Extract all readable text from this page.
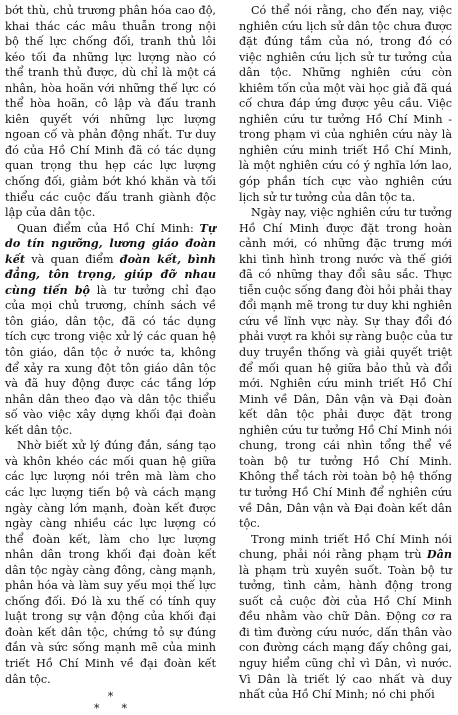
bớt thù, chủ trương phân hóa cao độ, khai thác các mâu thuẫn trong nội bộ thế lực chống đối, tranh thủ lôi kéo tối đa những lực lượng nào có thể tranh thủ được, dù chỉ là một cá nhân, hòa hoãn với những thế lực có thể hòa hoãn, cô lập và đấu tranh kiên quyết với những lực lượng ngoan cố và phản động nhất. Tư duy đó của Hồ Chí Minh đã có tác dụng quan trọng thu hẹp các lực lượng chống đối, giảm bớt khó khăn và tối thiểu các cuộc đấu tranh giành độc lập của dân tộc.

Quan điểm của Hồ Chí Minh: Tự do tín ngưỡng, lương giáo đoàn kết và quan điểm đoàn kết, bình đẳng, tôn trọng, giúp đỡ nhau cùng tiến bộ là tư tưởng chỉ đạo của mọi chủ trương, chính sách về tôn giáo, dân tộc, đã có tác dụng tích cực trong việc xử lý các quan hệ tôn giáo, dân tộc ở nước ta, không để xảy ra xung đột tôn giáo dân tộc và đã huy động được các tầng lớp nhân dân theo đạo và dân tộc thiểu số vào việc xây dựng khối đại đoàn kết dân tộc.

Nhờ biết xử lý đúng đắn, sáng tạo và khôn khéo các mối quan hệ giữa các lực lượng nói trên mà làm cho các lực lượng tiến bộ và cách mạng ngày càng lớn mạnh, đoàn kết được ngày càng nhiều các lực lượng có thể đoàn kết, làm cho lực lượng nhân dân trong khối đại đoàn kết dân tộc ngày càng đông, càng mạnh, phân hóa và làm suy yếu mọi thế lực chống đối. Đó là xu thế có tính quy luật trong sự vận động của khối đại đoàn kết dân tộc, chứng tỏ sự đúng đắn và sức sống mạnh mẽ của minh triết Hồ Chí Minh về đại đoàn kết dân tộc.

*
* *

Có thể nói rằng, cho đến nay, việc nghiên cứu lịch sử dân tộc chưa được đặt đúng tầm của nó, trong đó có việc nghiên cứu lịch sử tư tưởng của dân tộc. Những nghiên cứu còn khiêm tốn của một vài học giả đã quá cố chưa đáp ứng được yêu cầu. Việc nghiên cứu tư tưởng Hồ Chí Minh - trong phạm vi của nghiên cứu này là nghiên cứu minh triết Hồ Chí Minh, là một nghiên cứu có ý nghĩa lớn lao, góp phần tích cực vào nghiên cứu lịch sử tư tưởng của dân tộc ta.

Ngày nay, việc nghiên cứu tư tưởng Hồ Chí Minh được đặt trong hoàn cảnh mới, có những đặc trưng mới khi tình hình trong nước và thế giới đã có những thay đổi sâu sắc. Thực tiễn cuộc sống đang đòi hỏi phải thay đổi mạnh mẽ trong tư duy khi nghiên cứu về lĩnh vực này. Sự thay đổi đó phải vượt ra khỏi sự ràng buộc của tư duy truyền thống và giải quyết triệt để mối quan hệ giữa bảo thủ và đổi mới. Nghiên cứu minh triết Hồ Chí Minh về Dân, Dân vận và Đại đoàn kết dân tộc phải được đặt trong nghiên cứu tư tưởng Hồ Chí Minh nói chung, trong cái nhìn tổng thể về toàn bộ tư tưởng Hồ Chí Minh. Không thể tách rời toàn bộ hệ thống tư tưởng Hồ Chí Minh để nghiên cứu về Dân, Dân vận và Đại đoàn kết dân tộc.

Trong minh triết Hồ Chí Minh nói chung, phải nói rằng phạm trù Dân là phạm trù xuyên suốt. Toàn bộ tư tưởng, tình cảm, hành động trong suốt cả cuộc đời của Hồ Chí Minh đều nhằm vào chữ Dân. Động cơ ra đi tìm đường cứu nước, dấn thân vào con đường cách mạng đấy chông gai, nguy hiểm cũng chỉ vì Dân, vì nước. Vì Dân là triết lý cao nhất và duy nhất của Hồ Chí Minh; nó chi phối
